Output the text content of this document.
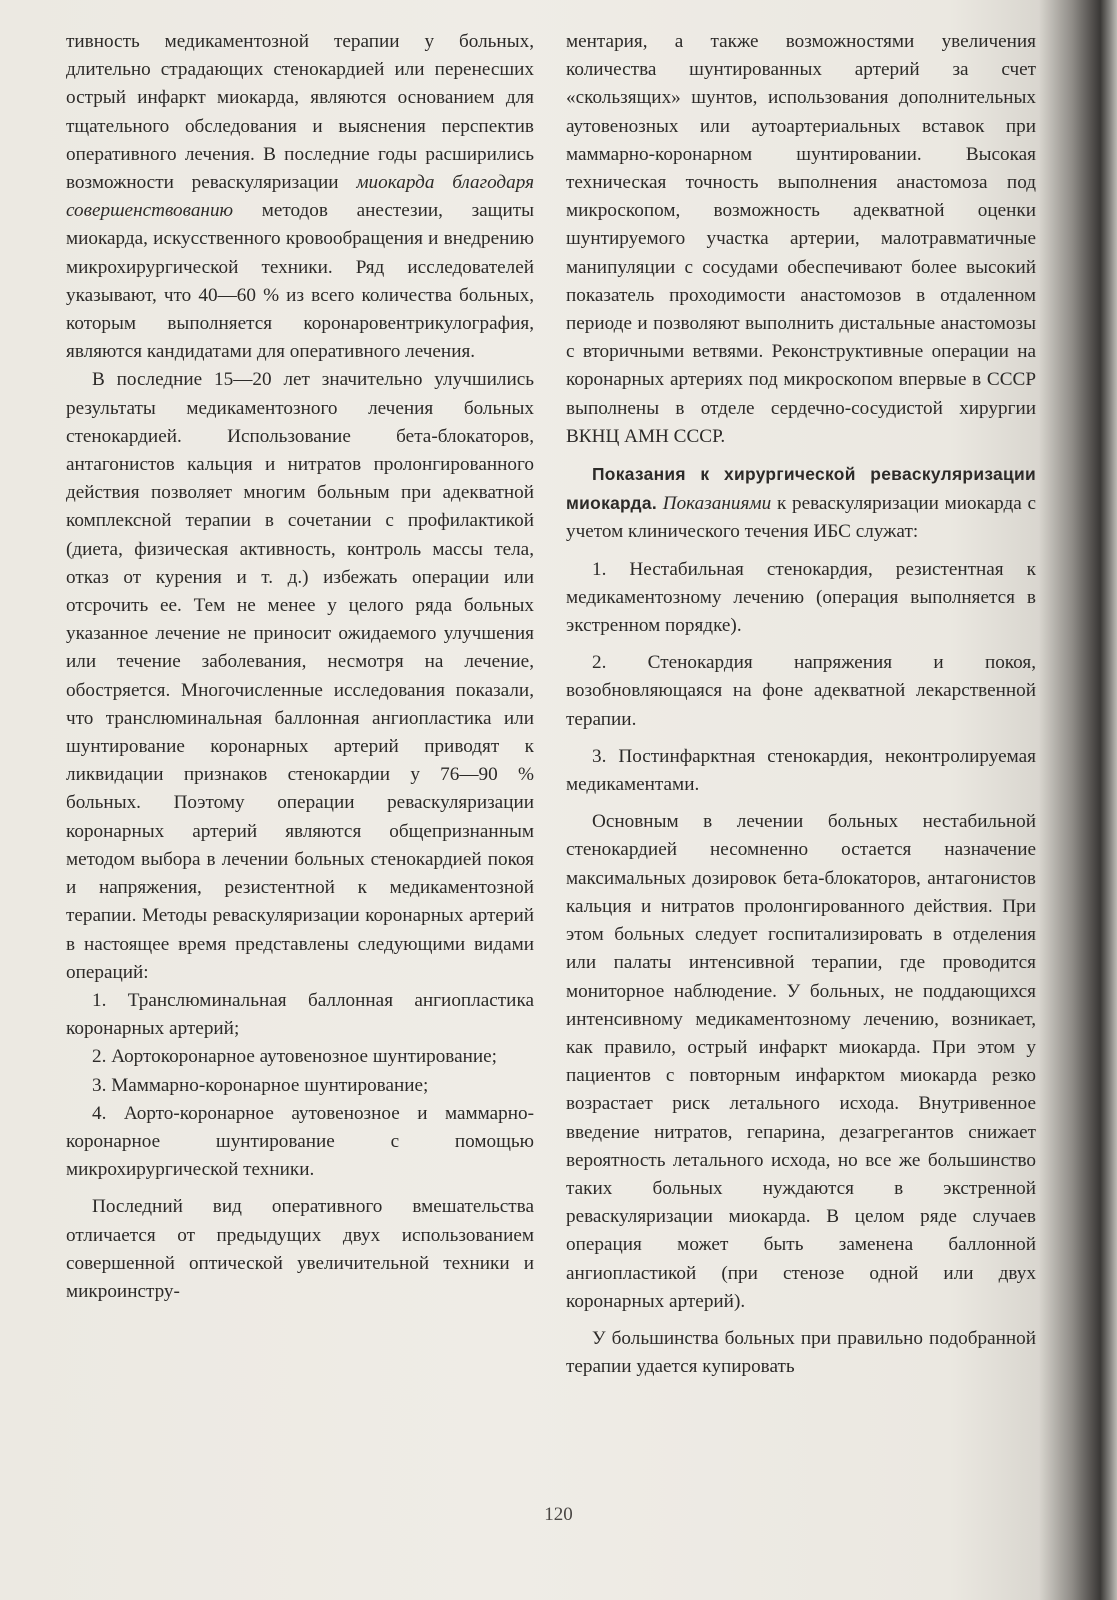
тивность медикаментозной терапии у больных, длительно страдающих стенокардией или перенесших острый инфаркт миокарда, являются основанием для тщательного обследования и выяснения перспектив оперативного лечения. В последние годы расширились возможности реваскуляризации миокарда благодаря совершенствованию методов анестезии, защиты миокарда, искусственного кровообращения и внедрению микрохирургической техники. Ряд исследователей указывают, что 40—60 % из всего количества больных, которым выполняется коронаровентрикулография, являются кандидатами для оперативного лечения.

В последние 15—20 лет значительно улучшились результаты медикаментозного лечения больных стенокардией. Использование бета-блокаторов, антагонистов кальция и нитратов пролонгированного действия позволяет многим больным при адекватной комплексной терапии в сочетании с профилактикой (диета, физическая активность, контроль массы тела, отказ от курения и т. д.) избежать операции или отсрочить ее. Тем не менее у целого ряда больных указанное лечение не приносит ожидаемого улучшения или течение заболевания, несмотря на лечение, обостряется. Многочисленные исследования показали, что транслюминальная баллонная ангиопластика или шунтирование коронарных артерий приводят к ликвидации признаков стенокардии у 76—90 % больных. Поэтому операции реваскуляризации коронарных артерий являются общепризнанным методом выбора в лечении больных стенокардией покоя и напряжения, резистентной к медикаментозной терапии. Методы реваскуляризации коронарных артерий в настоящее время представлены следующими видами операций:

1. Транслюминальная баллонная ангиопластика коронарных артерий;

2. Аортокоронарное аутовенозное шунтирование;

3. Маммарно-коронарное шунтирование;

4. Аорто-коронарное аутовенозное и маммарно-коронарное шунтирование с помощью микрохирургической техники.

Последний вид оперативного вмешательства отличается от предыдущих двух использованием совершенной оптической увеличительной техники и микроинстру-

ментария, а также возможностями увеличения количества шунтированных артерий за счет «скользящих» шунтов, использования дополнительных аутовенозных или аутоартериальных вставок при маммарно-коронарном шунтировании. Высокая техническая точность выполнения анастомоза под микроскопом, возможность адекватной оценки шунтируемого участка артерии, малотравматичные манипуляции с сосудами обеспечивают более высокий показатель проходимости анастомозов в отдаленном периоде и позволяют выполнить дистальные анастомозы с вторичными ветвями. Реконструктивные операции на коронарных артериях под микроскопом впервые в СССР выполнены в отделе сердечно-сосудистой хирургии ВКНЦ АМН СССР.

Показания к хирургической реваскуляризации миокарда. Показаниями к реваскуляризации миокарда с учетом клинического течения ИБС служат:

1. Нестабильная стенокардия, резистентная к медикаментозному лечению (операция выполняется в экстренном порядке).

2. Стенокардия напряжения и покоя, возобновляющаяся на фоне адекватной лекарственной терапии.

3. Постинфарктная стенокардия, неконтролируемая медикаментами.

Основным в лечении больных нестабильной стенокардией несомненно остается назначение максимальных дозировок бета-блокаторов, антагонистов кальция и нитратов пролонгированного действия. При этом больных следует госпитализировать в отделения или палаты интенсивной терапии, где проводится мониторное наблюдение. У больных, не поддающихся интенсивному медикаментозному лечению, возникает, как правило, острый инфаркт миокарда. При этом у пациентов с повторным инфарктом миокарда резко возрастает риск летального исхода. Внутривенное введение нитратов, гепарина, дезагрегантов снижает вероятность летального исхода, но все же большинство таких больных нуждаются в экстренной реваскуляризации миокарда. В целом ряде случаев операция может быть заменена баллонной ангиопластикой (при стенозе одной или двух коронарных артерий).

У большинства больных при правильно подобранной терапии удается купировать

120
